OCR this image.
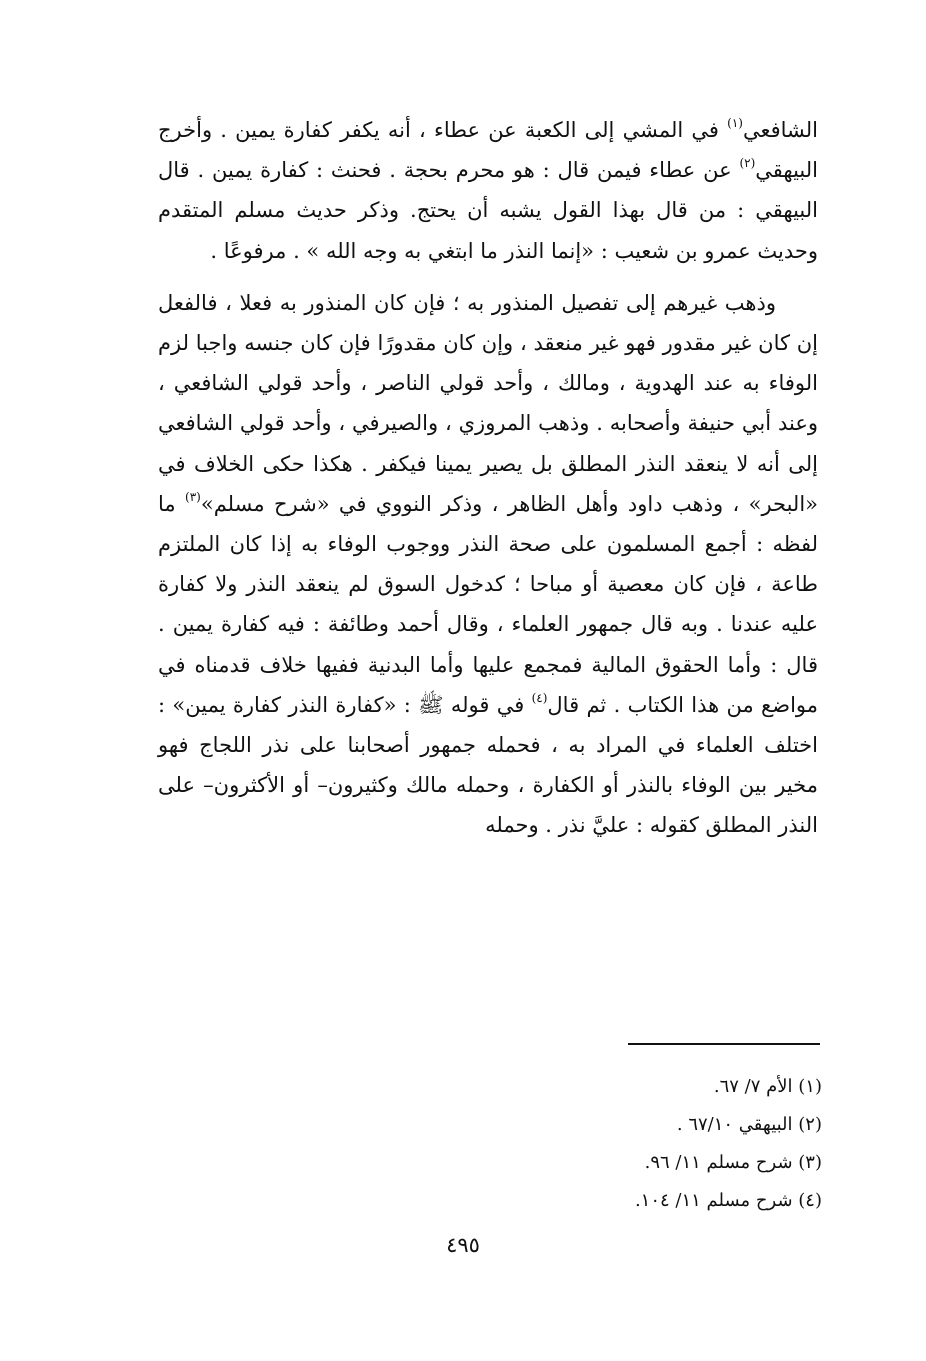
الشافعي$^{(١)}$ في المشي إلى الكعبة عن عطاء ، أنه يكفر كفارة يمين . وأخرج البيهقي$^{(٢)}$ عن عطاء فيمن قال : هو محرم بحجة . فحنث : كفارة يمين . قال البيهقي : من قال بهذا القول يشبه أن يحتج. وذكر حديث مسلم المتقدم وحديث عمرو بن شعيب : «إنما النذر ما ابتغي به وجه الله » . مرفوعًا .

وذهب غيرهم إلى تفصيل المنذور به ؛ فإن كان المنذور به فعلا ، فالفعل إن كان غير مقدور فهو غير منعقد ، وإن كان مقدورًا فإن كان جنسه واجبا لزم الوفاء به عند الهدوية ، ومالك ، وأحد قولي الناصر ، وأحد قولي الشافعي ، وعند أبي حنيفة وأصحابه . وذهب المروزي ، والصيرفي ، وأحد قولي الشافعي إلى أنه لا ينعقد النذر المطلق بل يصير يمينا فيكفر . هكذا حكى الخلاف في «البحر» ، وذهب داود وأهل الظاهر ، وذكر النووي في «شرح مسلم»$^{(٣)}$ ما لفظه : أجمع المسلمون على صحة النذر ووجوب الوفاء به إذا كان الملتزم طاعة ، فإن كان معصية أو مباحا ؛ كدخول السوق لم ينعقد النذر ولا كفارة عليه عندنا . وبه قال جمهور العلماء ، وقال أحمد وطائفة : فيه كفارة يمين . قال : وأما الحقوق المالية فمجمع عليها وأما البدنية ففيها خلاف قدمناه في مواضع من هذا الكتاب . ثم قال$^{(٤)}$ في قوله ﷺ : «كفارة النذر كفارة يمين» : اختلف العلماء في المراد به ، فحمله جمهور أصحابنا على نذر اللجاج فهو مخير بين الوفاء بالنذر أو الكفارة ، وحمله مالك وكثيرون– أو الأكثرون– على النذر المطلق كقوله : عليَّ نذر . وحمله

(١) الأم ٧/ ٦٧.
(٢) البيهقي ٦٧/١٠ .
(٣) شرح مسلم ١١/ ٩٦.
(٤) شرح مسلم ١١/ ١٠٤.
٤٩٥
